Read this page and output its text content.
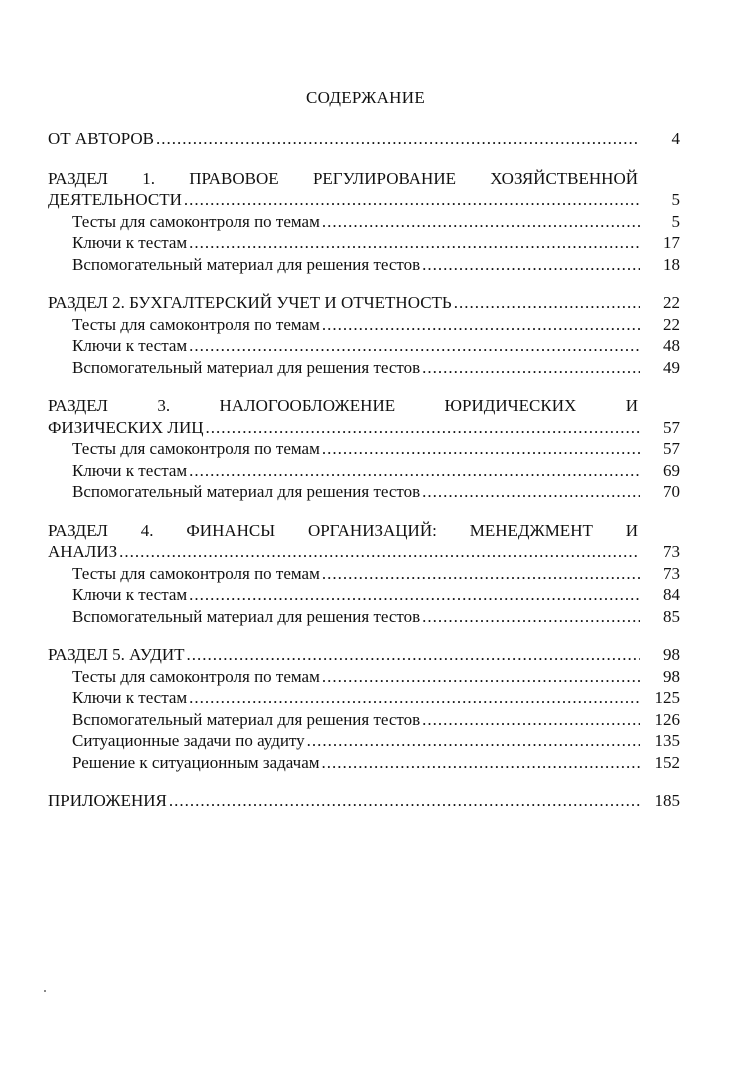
СОДЕРЖАНИЕ
ОТ АВТОРОВ .....	4
РАЗДЕЛ 1. ПРАВОВОЕ РЕГУЛИРОВАНИЕ ХОЗЯЙСТВЕННОЙ
ДЕЯТЕЛЬНОСТИ .....	5
Тесты для самоконтроля по темам .....	5
Ключи к тестам .....	17
Вспомогательный материал для решения тестов .....	18
РАЗДЕЛ 2. БУХГАЛТЕРСКИЙ УЧЕТ И ОТЧЕТНОСТЬ .....	22
Тесты для самоконтроля по темам .....	22
Ключи к тестам .....	48
Вспомогательный материал для решения тестов .....	49
РАЗДЕЛ 3. НАЛОГООБЛОЖЕНИЕ ЮРИДИЧЕСКИХ И
ФИЗИЧЕСКИХ ЛИЦ .....	57
Тесты для самоконтроля по темам .....	57
Ключи к тестам .....	69
Вспомогательный материал для решения тестов .....	70
РАЗДЕЛ 4. ФИНАНСЫ ОРГАНИЗАЦИЙ: МЕНЕДЖМЕНТ И
АНАЛИЗ .....	73
Тесты для самоконтроля по темам .....	73
Ключи к тестам .....	84
Вспомогательный материал для решения тестов .....	85
РАЗДЕЛ 5. АУДИТ .....	98
Тесты для самоконтроля по темам .....	98
Ключи к тестам .....	125
Вспомогательный материал для решения тестов .....	126
Ситуационные задачи по аудиту .....	135
Решение к ситуационным задачам .....	152
ПРИЛОЖЕНИЯ .....	185
